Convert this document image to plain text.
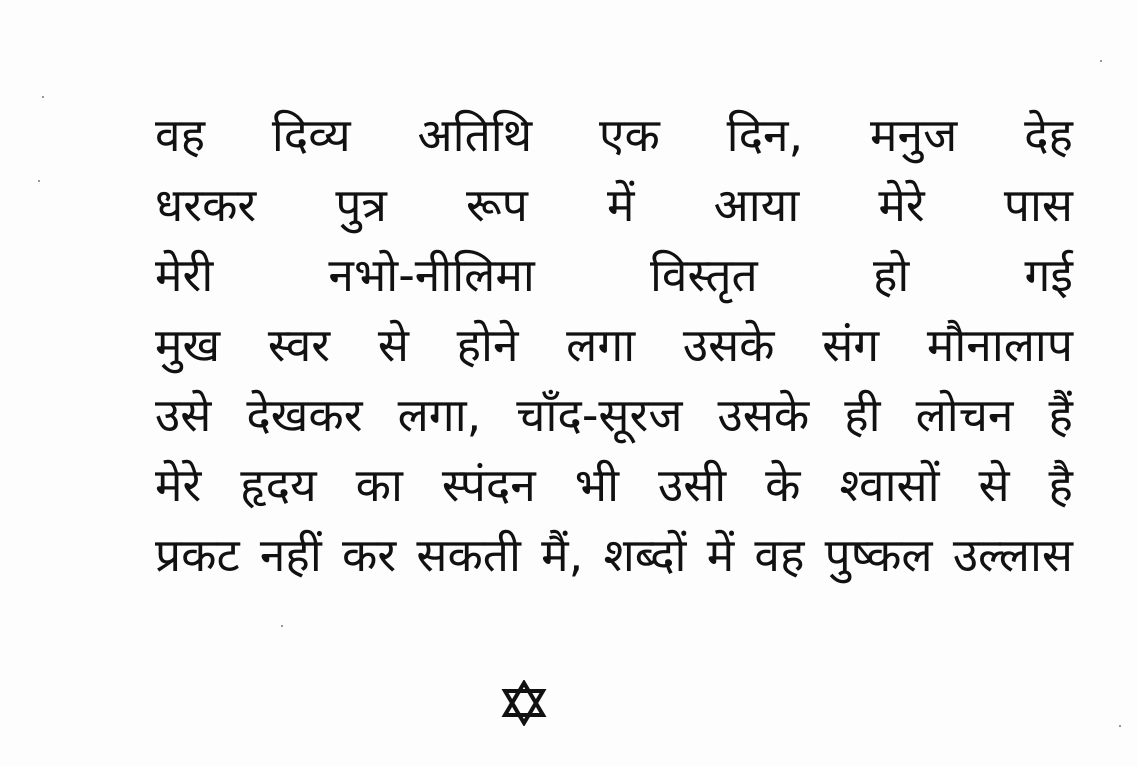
वह दिव्य अतिथि एक दिन, मनुज देह
धरकर पुत्र रूप में आया मेरे पास
मेरी	नभो-नीलिमा	विस्तृत	हो	गई
मुख स्वर से होने लगा उसके संग मौनालाप
उसे देखकर लगा, चाँद-सूरज उसके ही लोचन हैं
मेरे हृदय का स्पंदन भी उसी के श्वासों से है
प्रकट नहीं कर सकती मैं, शब्दों में वह पुष्कल उल्लास
